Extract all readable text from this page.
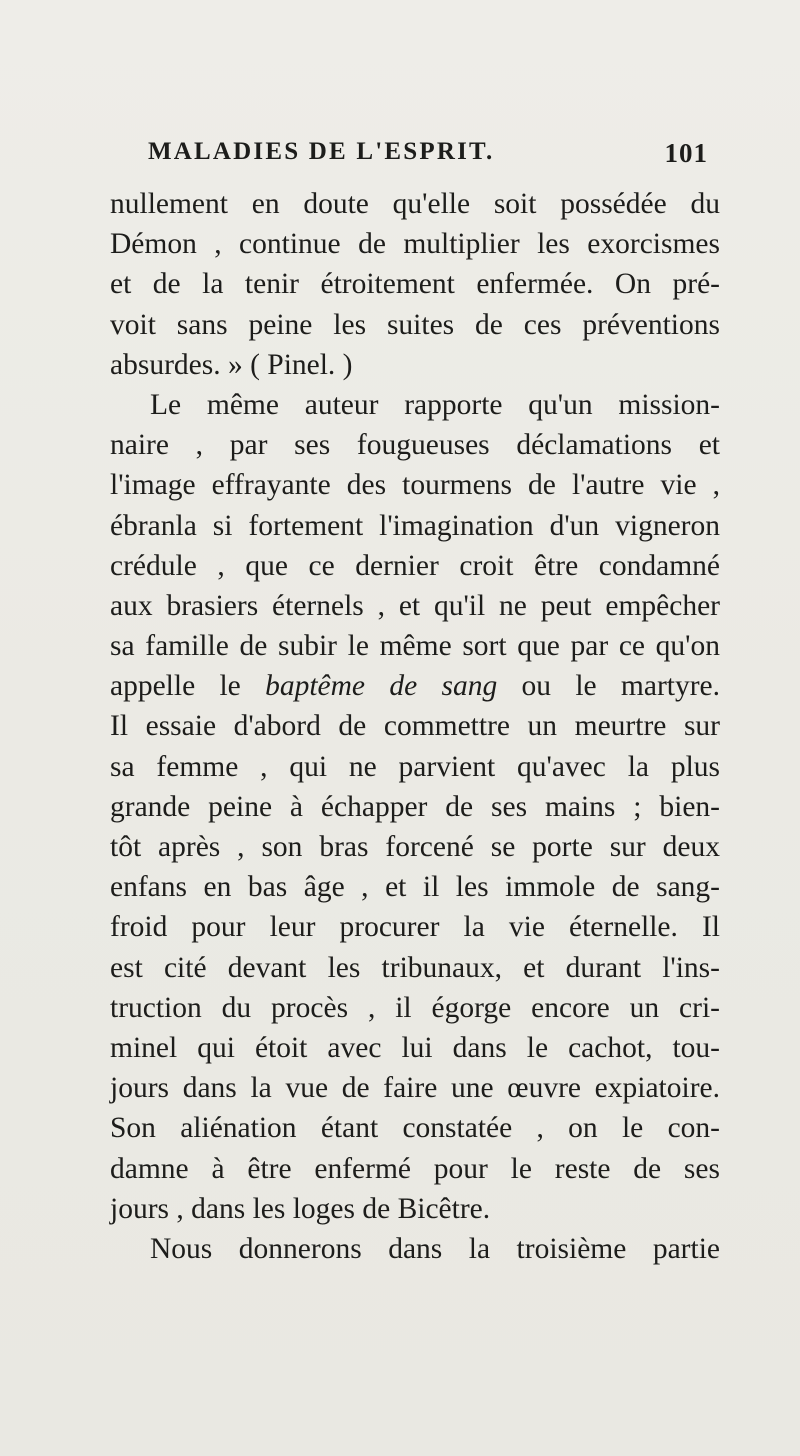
MALADIES DE L'ESPRIT.	101
nullement en doute qu'elle soit possédée du
Démon , continue de multiplier les exorcismes
et de la tenir étroitement enfermée. On pré-
voit sans peine les suites de ces préventions
absurdes. » ( Pinel. )
Le même auteur rapporte qu'un mission-
naire , par ses fougueuses déclamations et
l'image effrayante des tourmens de l'autre vie ,
ébranla si fortement l'imagination d'un vigneron
crédule , que ce dernier croit être condamné
aux brasiers éternels , et qu'il ne peut empêcher
sa famille de subir le même sort que par ce qu'on
appelle le baptême de sang ou le martyre.
Il essaie d'abord de commettre un meurtre sur
sa femme , qui ne parvient qu'avec la plus
grande peine à échapper de ses mains ; bien-
tôt après , son bras forcené se porte sur deux
enfans en bas âge , et il les immole de sang-
froid pour leur procurer la vie éternelle. Il
est cité devant les tribunaux, et durant l'ins-
truction du procès , il égorge encore un cri-
minel qui étoit avec lui dans le cachot, tou-
jours dans la vue de faire une œuvre expiatoire.
Son aliénation étant constatée , on le con-
damne à être enfermé pour le reste de ses
jours , dans les loges de Bicêtre.
Nous donnerons dans la troisième partie
